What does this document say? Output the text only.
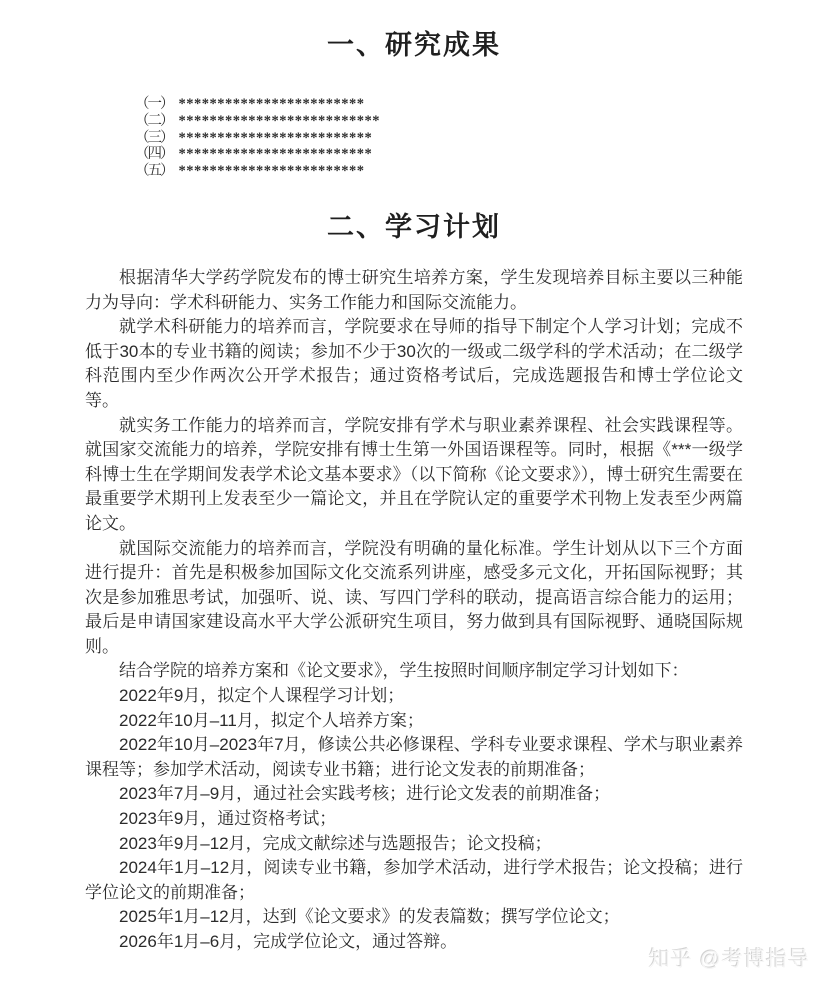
一、研究成果
（一） ************************
（二） **************************
（三） *************************
（四） *************************
（五） ************************
二、学习计划

根据清华大学药学院发布的博士研究生培养方案，学生发现培养目标主要以三种能力为导向：学术科研能力、实务工作能力和国际交流能力。

就学术科研能力的培养而言，学院要求在导师的指导下制定个人学习计划；完成不低于30本的专业书籍的阅读；参加不少于30次的一级或二级学科的学术活动；在二级学科范围内至少作两次公开学术报告；通过资格考试后，完成选题报告和博士学位论文等。

就实务工作能力的培养而言，学院安排有学术与职业素养课程、社会实践课程等。就国家交流能力的培养，学院安排有博士生第一外国语课程等。同时，根据《***一级学科博士生在学期间发表学术论文基本要求》（以下简称《论文要求》），博士研究生需要在最重要学术期刊上发表至少一篇论文，并且在学院认定的重要学术刊物上发表至少两篇论文。

就国际交流能力的培养而言，学院没有明确的量化标准。学生计划从以下三个方面进行提升：首先是积极参加国际文化交流系列讲座，感受多元文化，开拓国际视野；其次是参加雅思考试，加强听、说、读、写四门学科的联动，提高语言综合能力的运用；最后是申请国家建设高水平大学公派研究生项目，努力做到具有国际视野、通晓国际规则。

结合学院的培养方案和《论文要求》，学生按照时间顺序制定学习计划如下：

2022年9月，拟定个人课程学习计划；

2022年10月–11月，拟定个人培养方案；

2022年10月–2023年7月，修读公共必修课程、学科专业要求课程、学术与职业素养课程等；参加学术活动，阅读专业书籍；进行论文发表的前期准备；

2023年7月–9月，通过社会实践考核；进行论文发表的前期准备；

2023年9月，通过资格考试；

2023年9月–12月，完成文献综述与选题报告；论文投稿；

2024年1月–12月，阅读专业书籍，参加学术活动，进行学术报告；论文投稿；进行学位论文的前期准备；

2025年1月–12月，达到《论文要求》的发表篇数；撰写学位论文；

2026年1月–6月，完成学位论文，通过答辩。

知乎 @考博指导
